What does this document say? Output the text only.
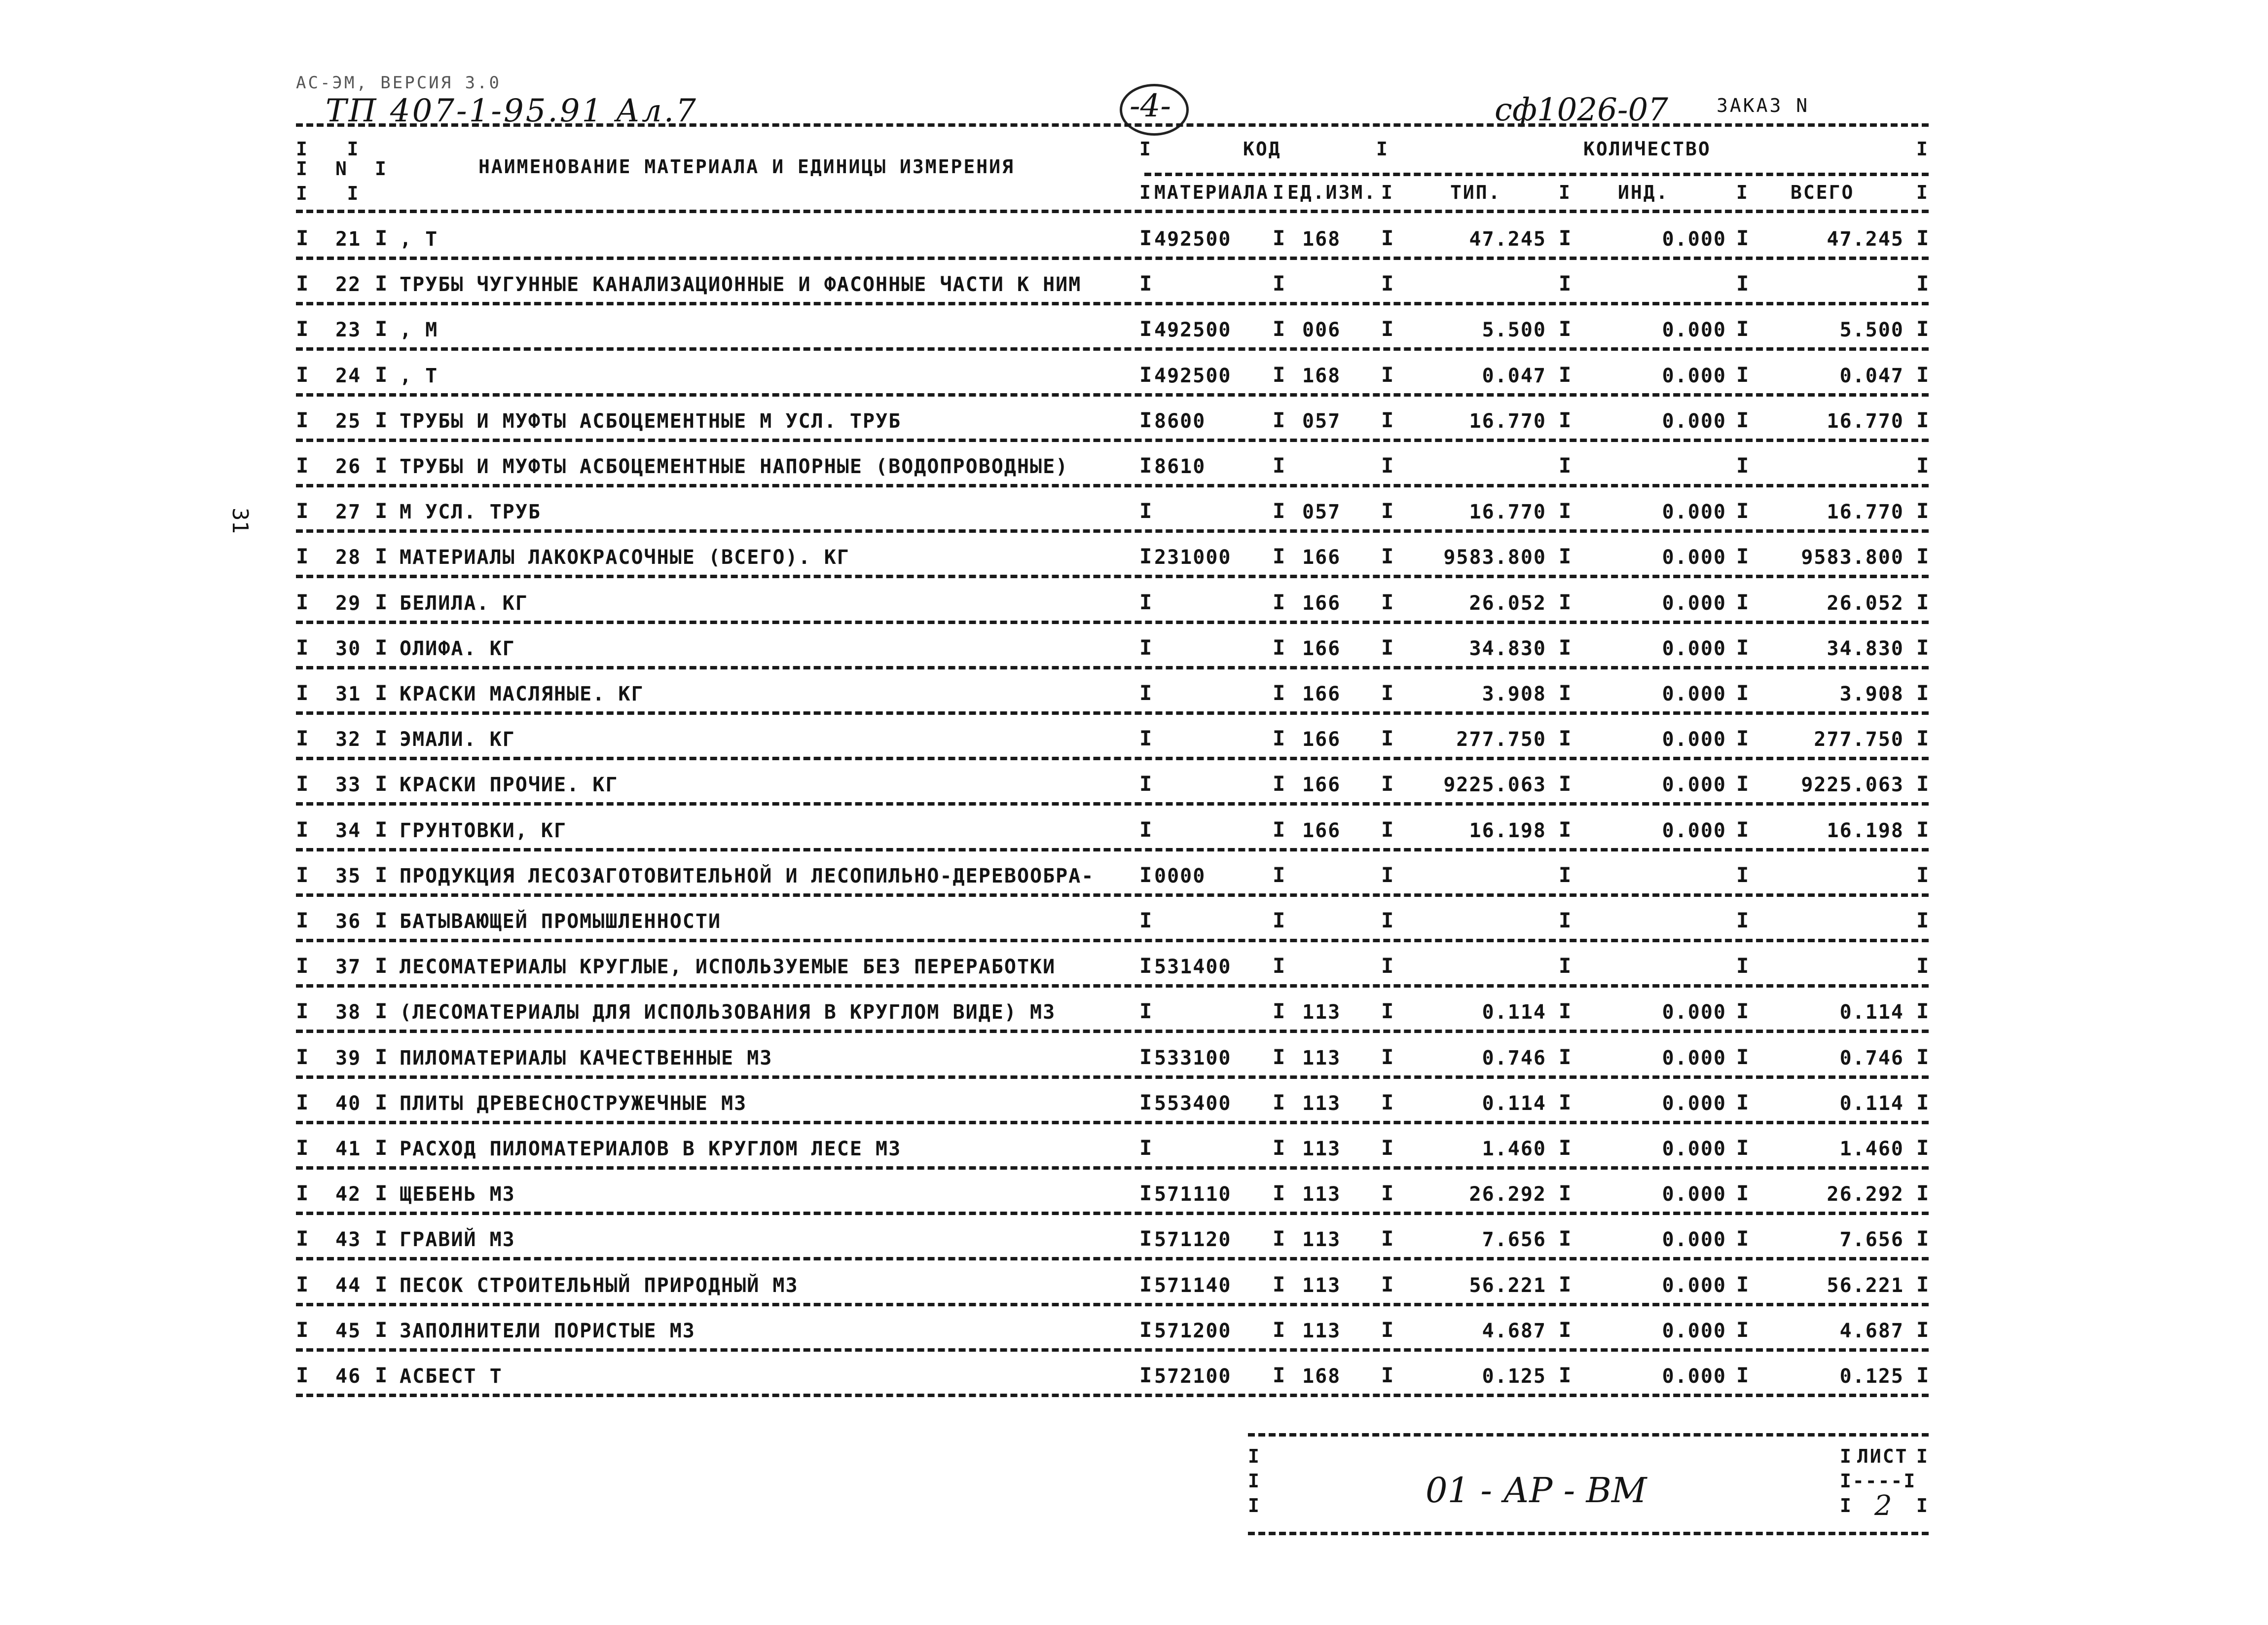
АС-ЭМ, ВЕРСИЯ 3.0
ТП 407-1-95.91 Ал.7	-4-	сф1026-07	ЗАКАЗ N
31
I   I
I N I
I   I
НАИМЕНОВАНИЕ МАТЕРИАЛА И ЕДИНИЦЫ ИЗМЕРЕНИЯ
I	КОД	I	КОЛИЧЕСТВО	I
I МАТЕРИАЛА I ЕД.ИЗМ. I	ТИП.	I ИНД.	I ВСЕГО	I
I 21 I , Т	I 492500 I 168 I	47.245 I	0.000 I	47.245 I
I 22 I ТРУБЫ ЧУГУННЫЕ КАНАЛИЗАЦИОННЫЕ И ФАСОННЫЕ ЧАСТИ К НИМ	I	I	I	I	I	I
I 23 I , М	I 492500 I 006 I	5.500 I	0.000 I	5.500 I
I 24 I , Т	I 492500 I 168 I	0.047 I	0.000 I	0.047 I
I 25 I ТРУБЫ И МУФТЫ АСБОЦЕМЕНТНЫЕ М УСЛ. ТРУБ	I 8600	I 057 I	16.770 I	0.000 I	16.770 I
I 26 I ТРУБЫ И МУФТЫ АСБОЦЕМЕНТНЫЕ НАПОРНЫЕ (ВОДОПРОВОДНЫЕ)	I 8610	I	I	I	I	I
I 27 I М УСЛ. ТРУБ	I	I 057 I	16.770 I	0.000 I	16.770 I
I 28 I МАТЕРИАЛЫ ЛАКОКРАСОЧНЫЕ (ВСЕГО). КГ	I 231000 I 166 I	9583.800 I	0.000 I	9583.800 I
I 29 I БЕЛИЛА. КГ	I	I 166 I	26.052 I	0.000 I	26.052 I
I 30 I ОЛИФА. КГ	I	I 166 I	34.830 I	0.000 I	34.830 I
I 31 I КРАСКИ МАСЛЯНЫЕ. КГ	I	I 166 I	3.908 I	0.000 I	3.908 I
I 32 I ЭМАЛИ. КГ	I	I 166 I	277.750 I	0.000 I	277.750 I
I 33 I КРАСКИ ПРОЧИЕ. КГ	I	I 166 I	9225.063 I	0.000 I	9225.063 I
I 34 I ГРУНТОВКИ, КГ	I	I 166 I	16.198 I	0.000 I	16.198 I
I 35 I ПРОДУКЦИЯ ЛЕСОЗАГОТОВИТЕЛЬНОЙ И ЛЕСОПИЛЬНО-ДЕРЕВООБРА- I 0000	I	I	I	I	I
I 36 I БАТЫВАЮЩЕЙ ПРОМЫШЛЕННОСТИ	I	I	I	I	I	I
I 37 I ЛЕСОМАТЕРИАЛЫ КРУГЛЫЕ, ИСПОЛЬЗУЕМЫЕ БЕЗ ПЕРЕРАБОТКИ	I 531400 I	I	I	I	I
I 38 I (ЛЕСОМАТЕРИАЛЫ ДЛЯ ИСПОЛЬЗОВАНИЯ В КРУГЛОМ ВИДЕ) М3	I	I 113 I	0.114 I	0.000 I	0.114 I
I 39 I ПИЛОМАТЕРИАЛЫ КАЧЕСТВЕННЫЕ М3	I 533100 I 113 I	0.746 I	0.000 I	0.746 I
I 40 I ПЛИТЫ ДРЕВЕСНОСТРУЖЕЧНЫЕ М3	I 553400 I 113 I	0.114 I	0.000 I	0.114 I
I 41 I РАСХОД ПИЛОМАТЕРИАЛОВ В КРУГЛОМ ЛЕСЕ М3	I	I 113 I	1.460 I	0.000 I	1.460 I
I 42 I ЩЕБЕНЬ М3	I 571110 I 113 I	26.292 I	0.000 I	26.292 I
I 43 I ГРАВИЙ М3	I 571120 I 113 I	7.656 I	0.000 I	7.656 I
I 44 I ПЕСОК СТРОИТЕЛЬНЫЙ ПРИРОДНЫЙ М3	I 571140 I 113 I	56.221 I	0.000 I	56.221 I
I 45 I ЗАПОЛНИТЕЛИ ПОРИСТЫЕ М3	I 571200 I 113 I	4.687 I	0.000 I	4.687 I
I 46 I АСБЕСТ Т	I 572100 I 168 I	0.125 I	0.000 I	0.125 I
I
I
I	01 - АР - ВМ
I ЛИСТ I
I----I
I 2 I
